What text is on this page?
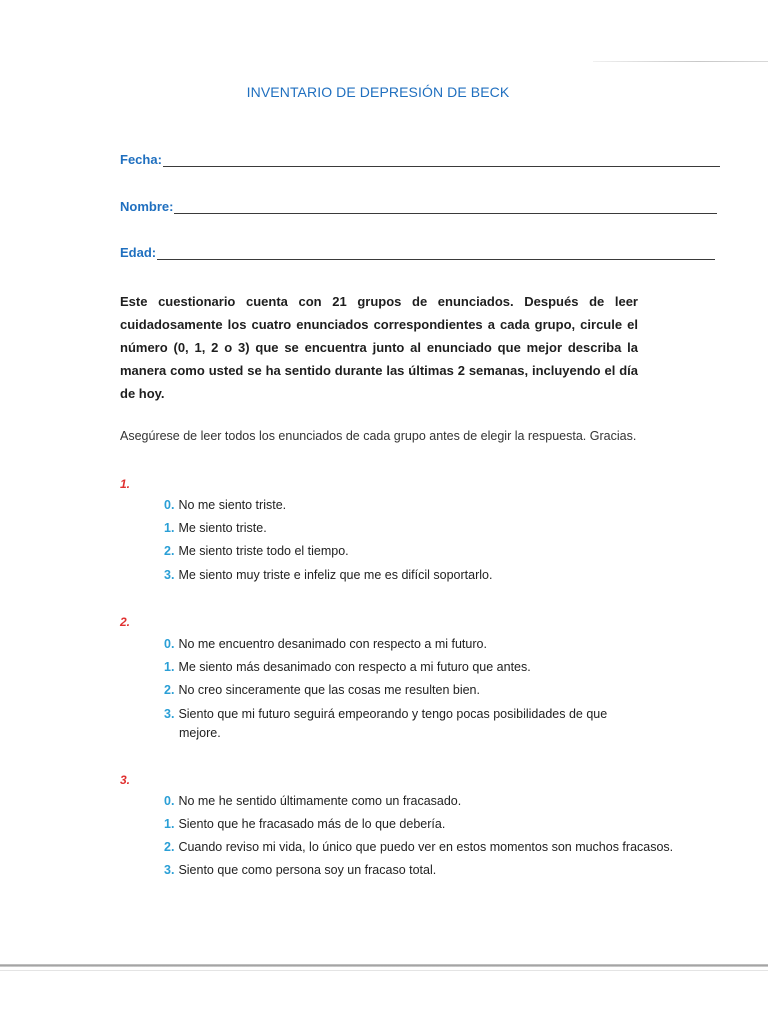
INVENTARIO DE DEPRESIÓN DE BECK
Fecha:
Nombre:
Edad:
Este cuestionario cuenta con 21 grupos de enunciados. Después de leer cuidadosamente los cuatro enunciados correspondientes a cada grupo, circule el número (0, 1, 2 o 3) que se encuentra junto al enunciado que mejor describa la manera como usted se ha sentido durante las últimas 2 semanas, incluyendo el día de hoy.
Asegúrese de leer todos los enunciados de cada grupo antes de elegir la respuesta. Gracias.
1.
0. No me siento triste.
1. Me siento triste.
2. Me siento triste todo el tiempo.
3. Me siento muy triste e infeliz que me es difícil soportarlo.
2.
0. No me encuentro desanimado con respecto a mi futuro.
1. Me siento más desanimado con respecto a mi futuro que antes.
2. No creo sinceramente que las cosas me resulten bien.
3. Siento que mi futuro seguirá empeorando y tengo pocas posibilidades de que
mejore.
3.
0. No me he sentido últimamente como un fracasado.
1. Siento que he fracasado más de lo que debería.
2. Cuando reviso mi vida, lo único que puedo ver en estos momentos son muchos fracasos.
3. Siento que como persona soy un fracaso total.
